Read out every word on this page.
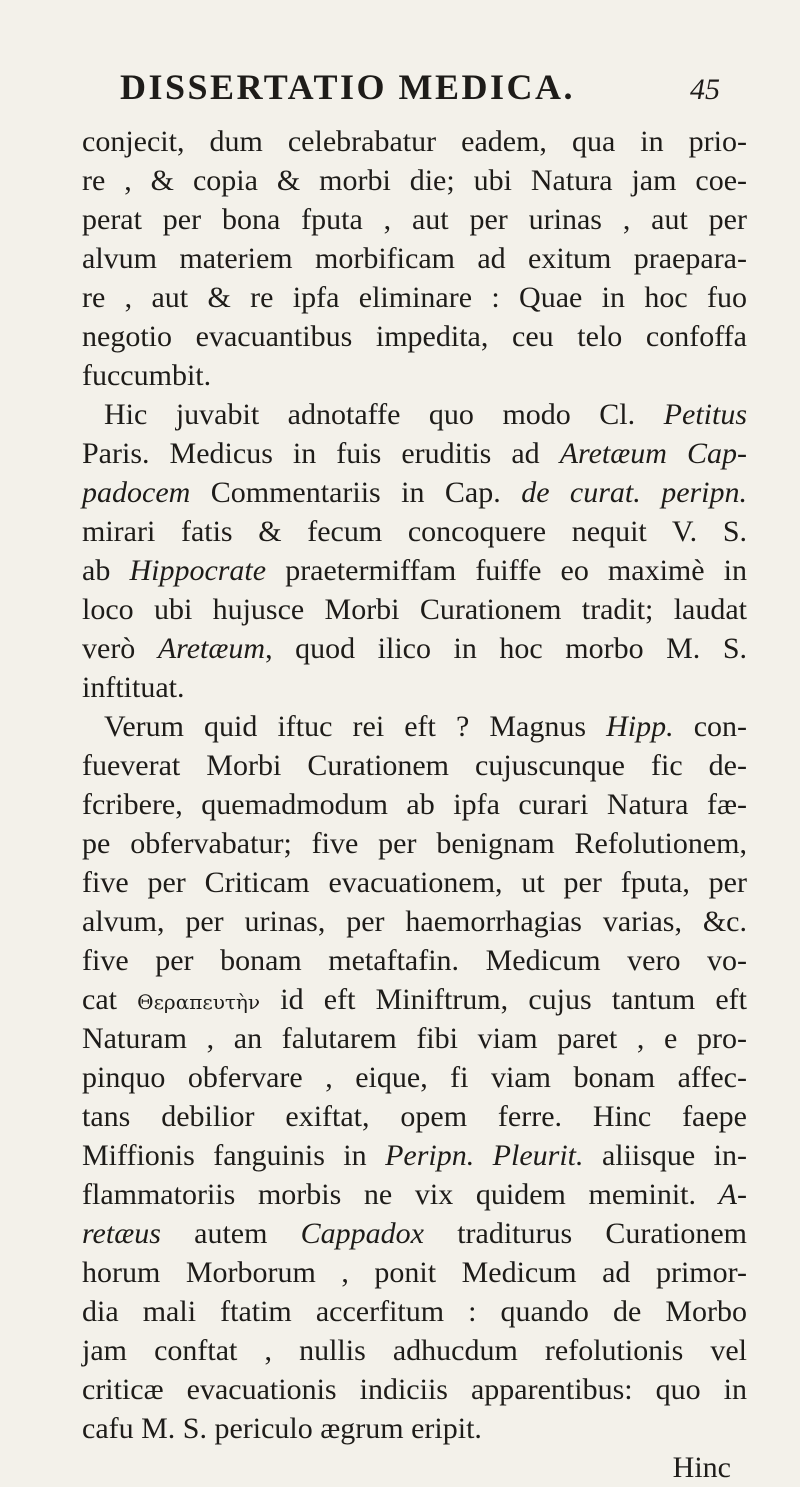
DISSERTATIO MEDICA.	45
conjecit, dum celebrabatur eadem, qua in prio-
re , & copia & morbi die; ubi Natura jam coe-
perat per bona fputa , aut per urinas , aut per
alvum materiem morbificam ad exitum praepara-
re , aut & re ipfa eliminare : Quae in hoc fuo
negotio evacuantibus impedita, ceu telo confoffa
fuccumbit.
Hic juvabit adnotaffe quo modo Cl. Petitus
Paris. Medicus in fuis eruditis ad Aretæum Cap-
padocem Commentariis in Cap. de curat. peripn.
mirari fatis & fecum concoquere nequit V. S.
ab Hippocrate praetermiffam fuiffe eo maximè in
loco ubi hujusce Morbi Curationem tradit; laudat
verò Aretæum, quod ilico in hoc morbo M. S.
inftituat.
Verum quid iftuc rei eft ? Magnus Hipp. con-
fueverat Morbi Curationem cujuscunque fic de-
fcribere, quemadmodum ab ipfa curari Natura fæ-
pe obfervabatur; five per benignam Refolutionem,
five per Criticam evacuationem, ut per fputa, per
alvum, per urinas, per haemorrhagias varias, &c.
five per bonam metaftafin. Medicum vero vo-
cat Θεραπευτὴν id eft Miniftrum, cujus tantum eft
Naturam , an falutarem fibi viam paret , e pro-
pinquo obfervare , eique, fi viam bonam affec-
tans debilior exiftat, opem ferre. Hinc faepe
Miffionis fanguinis in Peripn. Pleurit. aliisque in-
flammatoriis morbis ne vix quidem meminit. A-
retæus autem Cappadox traditurus Curationem
horum Morborum , ponit Medicum ad primor-
dia mali ftatim accerfitum : quando de Morbo
jam conftat , nullis adhucdum refolutionis vel
criticæ evacuationis indiciis apparentibus: quo in
cafu M. S. periculo ægrum eripit.
Hinc
